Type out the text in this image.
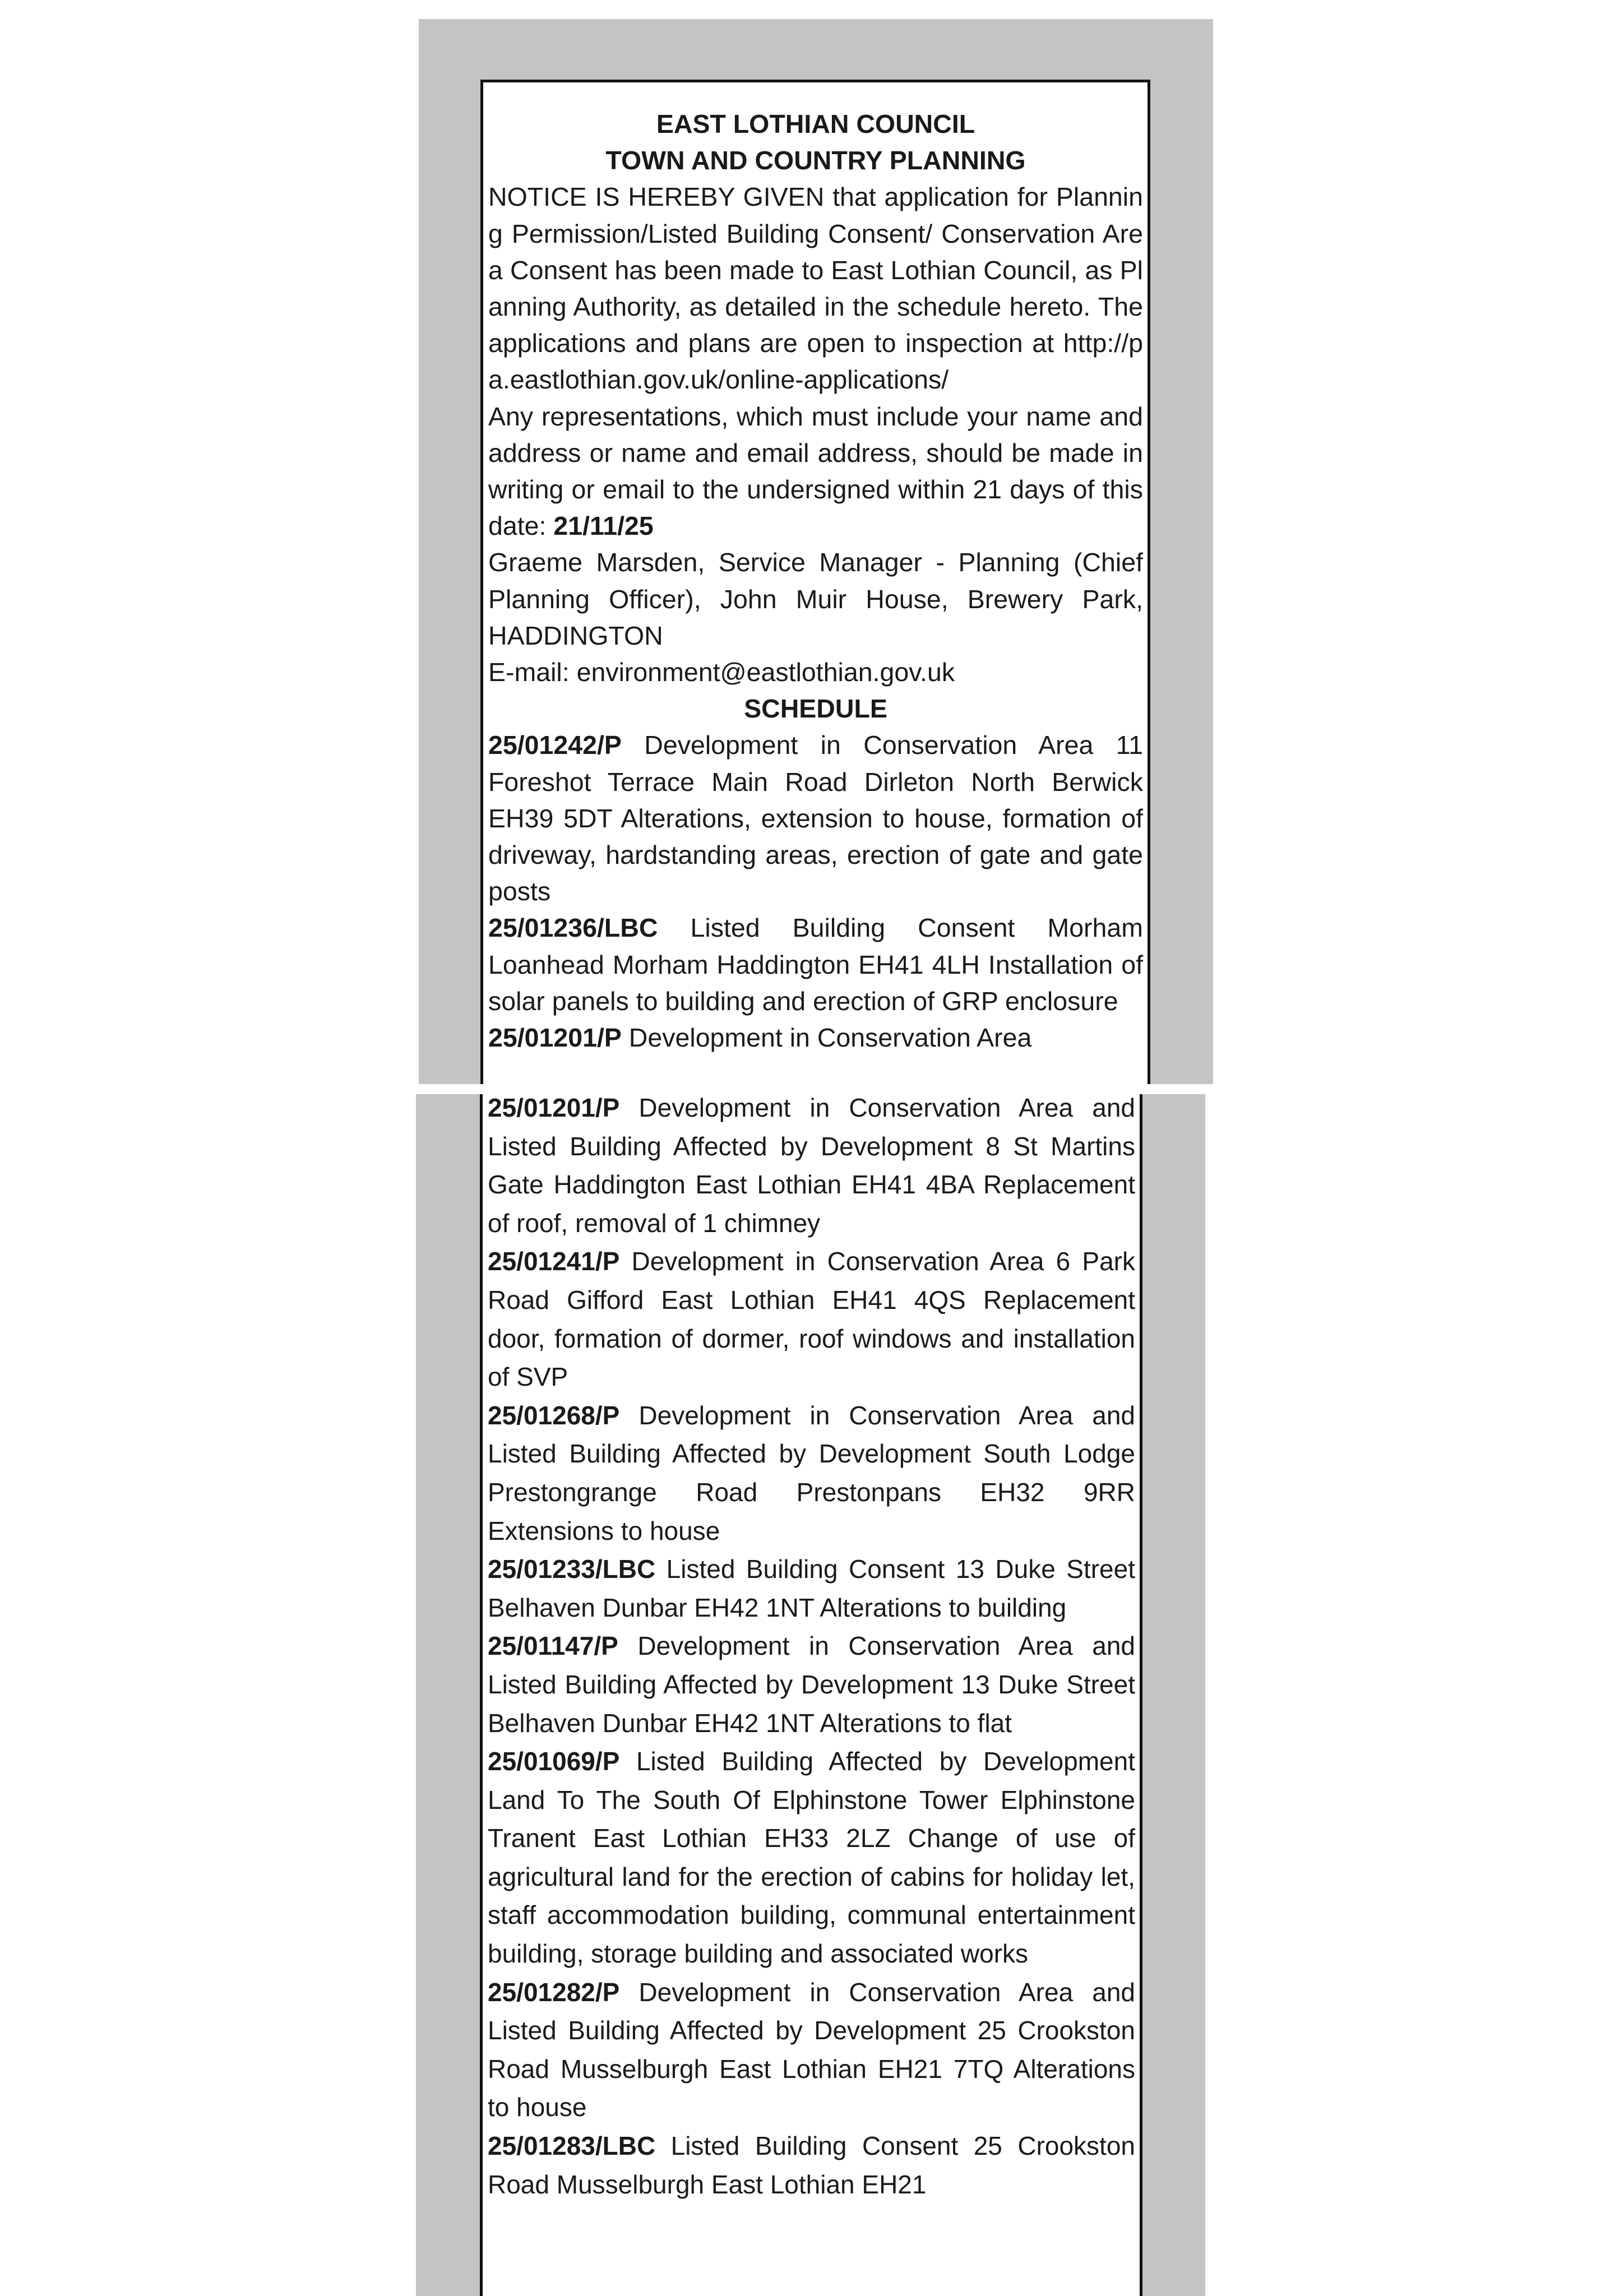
EAST LOTHIAN COUNCIL
TOWN AND COUNTRY PLANNING

NOTICE IS HEREBY GIVEN that application for Planning Permission/Listed Building Consent/ Conservation Area Consent has been made to East Lothian Council, as Planning Authority, as detailed in the schedule hereto. The applications and plans are open to inspection at http://pa.eastlothian.gov.uk/online-applications/

Any representations, which must include your name and address or name and email address, should be made in writing or email to the undersigned within 21 days of this date: 21/11/25

Graeme Marsden, Service Manager - Planning (Chief Planning Officer), John Muir House, Brewery Park, HADDINGTON

E-mail: environment@eastlothian.gov.uk

SCHEDULE

25/01242/P Development in Conservation Area 11 Foreshot Terrace Main Road Dirleton North Berwick EH39 5DT Alterations, extension to house, formation of driveway, hardstanding areas, erection of gate and gate posts

25/01236/LBC Listed Building Consent Morham Loanhead Morham Haddington EH41 4LH Installation of solar panels to building and erection of GRP enclosure

25/01201/P Development in Conservation Area

25/01201/P Development in Conservation Area and Listed Building Affected by Development 8 St Martins Gate Haddington East Lothian EH41 4BA Replacement of roof, removal of 1 chimney

25/01241/P Development in Conservation Area 6 Park Road Gifford East Lothian EH41 4QS Replacement door, formation of dormer, roof windows and installation of SVP

25/01268/P Development in Conservation Area and Listed Building Affected by Development South Lodge Prestongrange Road Prestonpans EH32 9RR Extensions to house

25/01233/LBC Listed Building Consent 13 Duke Street Belhaven Dunbar EH42 1NT Alterations to building

25/01147/P Development in Conservation Area and Listed Building Affected by Development 13 Duke Street Belhaven Dunbar EH42 1NT Alterations to flat

25/01069/P Listed Building Affected by Development Land To The South Of Elphinstone Tower Elphinstone Tranent East Lothian EH33 2LZ Change of use of agricultural land for the erection of cabins for holiday let, staff accommodation building, communal entertainment building, storage building and associated works

25/01282/P Development in Conservation Area and Listed Building Affected by Development 25 Crookston Road Musselburgh East Lothian EH21 7TQ Alterations to house

25/01283/LBC Listed Building Consent 25 Crookston Road Musselburgh East Lothian EH21
